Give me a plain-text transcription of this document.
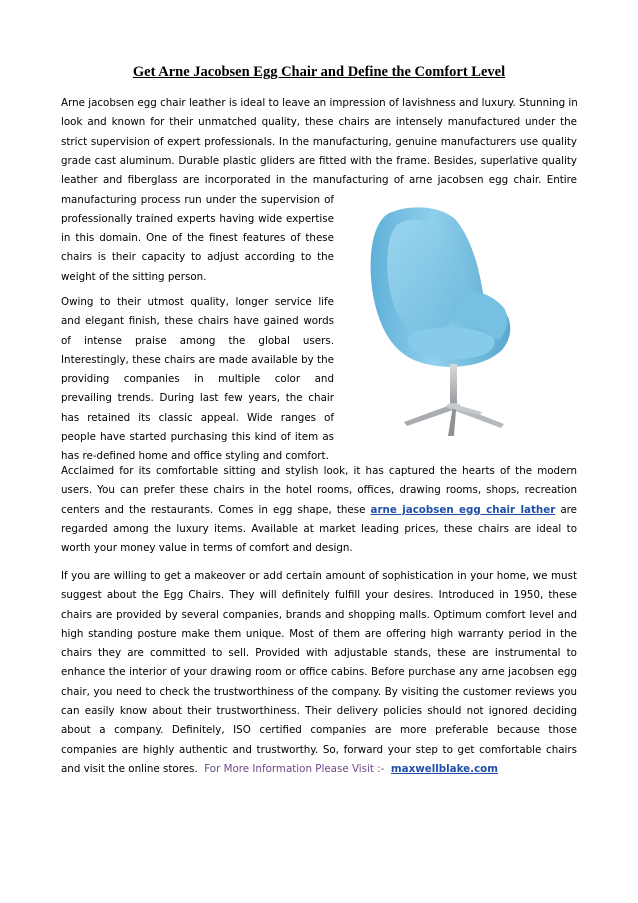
Get Arne Jacobsen Egg Chair and Define the Comfort Level
Arne jacobsen egg chair leather is ideal to leave an impression of lavishness and luxury. Stunning in
look and known for their unmatched quality, these chairs are intensely manufactured under the
strict supervision of expert professionals. In the manufacturing, genuine manufacturers use quality
grade cast aluminum. Durable plastic gliders are fitted with the frame. Besides, superlative quality
leather and fiberglass are incorporated in the manufacturing of arne jacobsen egg chair. Entire
manufacturing process run under the supervision of
professionally trained experts having wide expertise
in this domain. One of the finest features of these
chairs is their capacity to adjust according to the
weight of the sitting person.
Owing to their utmost quality, longer service life
and elegant finish, these chairs have gained words
of intense praise among the global users.
Interestingly, these chairs are made available by the
providing companies in multiple color and
prevailing trends. During last few years, the chair
has retained its classic appeal. Wide ranges of
people have started purchasing this kind of item as
has re-defined home and office styling and comfort.
Acclaimed for its comfortable sitting and stylish look, it has captured the hearts of the modern
users. You can prefer these chairs in the hotel rooms, offices, drawing rooms, shops, recreation
centers and the restaurants. Comes in egg shape, these arne jacobsen egg chair lather are
regarded among the luxury items. Available at market leading prices, these chairs are ideal to
worth your money value in terms of comfort and design.
If you are willing to get a makeover or add certain amount of sophistication in your home, we must
suggest about the Egg Chairs. They will definitely fulfill your desires. Introduced in 1950, these
chairs are provided by several companies, brands and shopping malls. Optimum comfort level and
high standing posture make them unique. Most of them are offering high warranty period in the
chairs they are committed to sell. Provided with adjustable stands, these are instrumental to
enhance the interior of your drawing room or office cabins. Before purchase any arne jacobsen egg
chair, you need to check the trustworthiness of the company. By visiting the customer reviews you
can easily know about their trustworthiness. Their delivery policies should not ignored deciding
about a company. Definitely, ISO certified companies are more preferable because those
companies are highly authentic and trustworthy. So, forward your step to get comfortable chairs
and visit the online stores. For More Information Please Visit :- maxwellblake.com
